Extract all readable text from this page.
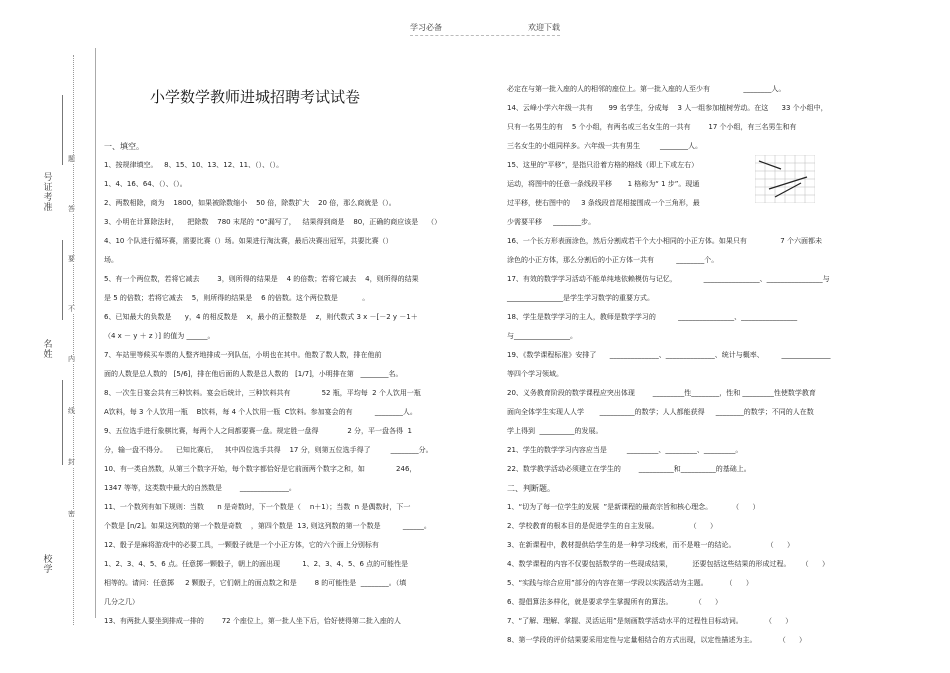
学习必备	欢迎下载
题
答
要
不
内
线
封
密
号证考准
名姓
校学
小学数学教师进城招聘考试试卷

一、填空。

1、按规律填空。   8、15、10、13、12、11、（）、（）。

1、4、16、64、（）、（）。

2、两数相除，商为    1800，如果被除数缩小    50 倍，除数扩大    20 倍，那么商就是（）。

3、小明在计算除法时，    把除数    780 末尾的 “0”漏写了，   结果得到商是    80，正确的商应该是    （）

4、10 个队进行循环赛，需要比赛（）场。如果进行淘汰赛，最后决赛出冠军，共要比赛（）

场。

5、有一个两位数，若将它减去        3，则所得的结果是    4 的倍数；若将它减去    4，则所得的结果

是 5 的倍数；若将它减去    5，则所得的结果是    6 的倍数。这个两位数是           。

6、已知最大的负数是      y，4 的相反数是    x，最小的正整数是    z，则代数式 3 x －[－2 y －1＋

（4 x － y ＋ z ）] 的值为 ______。

7、车站里等候买车票的人整齐地排成一列队伍，小明也在其中。他数了数人数，排在他前

面的人数是总人数的   [5/6]，排在他后面的人数是总人数的   [1/7]，小明排在第   ________名。

8、一次生日宴会共有三种饮料。宴会后统计，三种饮料共有              52 瓶，平均每  2 个人饮用一瓶

A饮料，每 3 个人饮用一瓶    B饮料，每 4 个人饮用一瓶  C饮料。参加宴会的有          ________人。

9、五位选手进行象棋比赛，每两个人之间都要赛一盘。规定胜一盘得             2 分，平一盘各得  1

分，输一盘不得分。    已知比赛后，   其中四位选手共得    17 分，则第五位选手得了         ________分。

10、有一类自然数，从第三个数字开始，每个数字都恰好是它前面两个数字之和，如              246，

1347 等等，这类数中最大的自然数是        ______________。

11、一个数列有如下规则：当数      n 是奇数时，下一个数是（    n＋1）；当数  n 是偶数时，下一

个数是 [n/2]。如果这列数的第一个数是奇数    ，第四个数是  13, 则这列数的第一个数是          ______。

12、骰子是麻将游戏中的必要工具，一颗骰子就是一个小正方体，它的六个面上分别标有

1、2、3、4、5、6 点。任意掷一颗骰子，朝上的面出现          1、2、3、4、5、6 点的可能性是

相等的。请问：任意掷     2 颗骰子，它们朝上的面点数之和是        8 的可能性是  ________。（填

几分之几）

13、有两批人要坐到排成一排的        72 个座位上，第一批人坐下后，恰好使得第二批入座的人

必定在与第一批入座的人的相邻的座位上。第一批入座的人至少有               ________人。

14、云峰小学六年级一共有       99 名学生，分成每    3 人一组参加植树劳动。在这      33 个小组中，

只有一名男生的有    5 个小组，有两名或三名女生的一共有        17 个小组，有三名男生和有

三名女生的小组同样多。六年级一共有男生         ________人。

15、这里的“平移”，是指只沿着方格的格线（即上下或左右）

运动，将图中的任意一条线段平移       1 格称为“ 1 步”。现通

过平移，使右图中的     3 条线段首尾相接围成一个三角形，最

少需要平移     ________步。

16、一个长方形表面涂色，然后分割成若干个大小相同的小正方体。如果只有               7 个六面都未

涂色的小正方体，那么分割后的小正方体一共有          ________个。

17、有效的数学学习活动不能单纯地依赖模仿与记忆，            ________________、________________与

________________是学生学习数学的重要方式。

18、学生是数学学习的主人，教师是数学学习的          ________________、________________

与________________。

19、《数学课程标准》安排了      ______________、______________、统计与概率、        ______________

等四个学习领域。

20、义务教育阶段的数学课程应突出体现        _________性________，性和 _________性使数学教育

面向全体学生实现人人学       __________的数学；人人都能获得     ________的数学；不同的人在数

学上得到  __________的发展。

21、学生的数学学习内容应当是         _________、_________、_________。

22、数学教学活动必须建立在学生的        __________和__________的基础上。

二、判断题。

1、“切为了每一位学生的发展  ”是新课程的最高宗旨和核心理念。         （      ）

2、学校教育的根本目的是促进学生的自主发展。              （      ）

3、在新课程中，教材提供给学生的是一种学习线索，而不是唯一的结论。              （      ）

4、数学课程的内容不仅要包括数学的一些现成结果，         还要包括这些结果的形成过程。     （      ）

5、“实践与综合应用”部分的内容在第一学段以实践活动为主题。        （      ）

6、提倡算法多样化，就是要求学生掌握所有的算法。          （      ）

7、“了解、理解、掌握、灵活运用”是刻画数学活动水平的过程性目标动词。          （      ）

8、第一学段的评价结果要采用定性与定量相结合的方式出现，以定性描述为主。          （      ）
